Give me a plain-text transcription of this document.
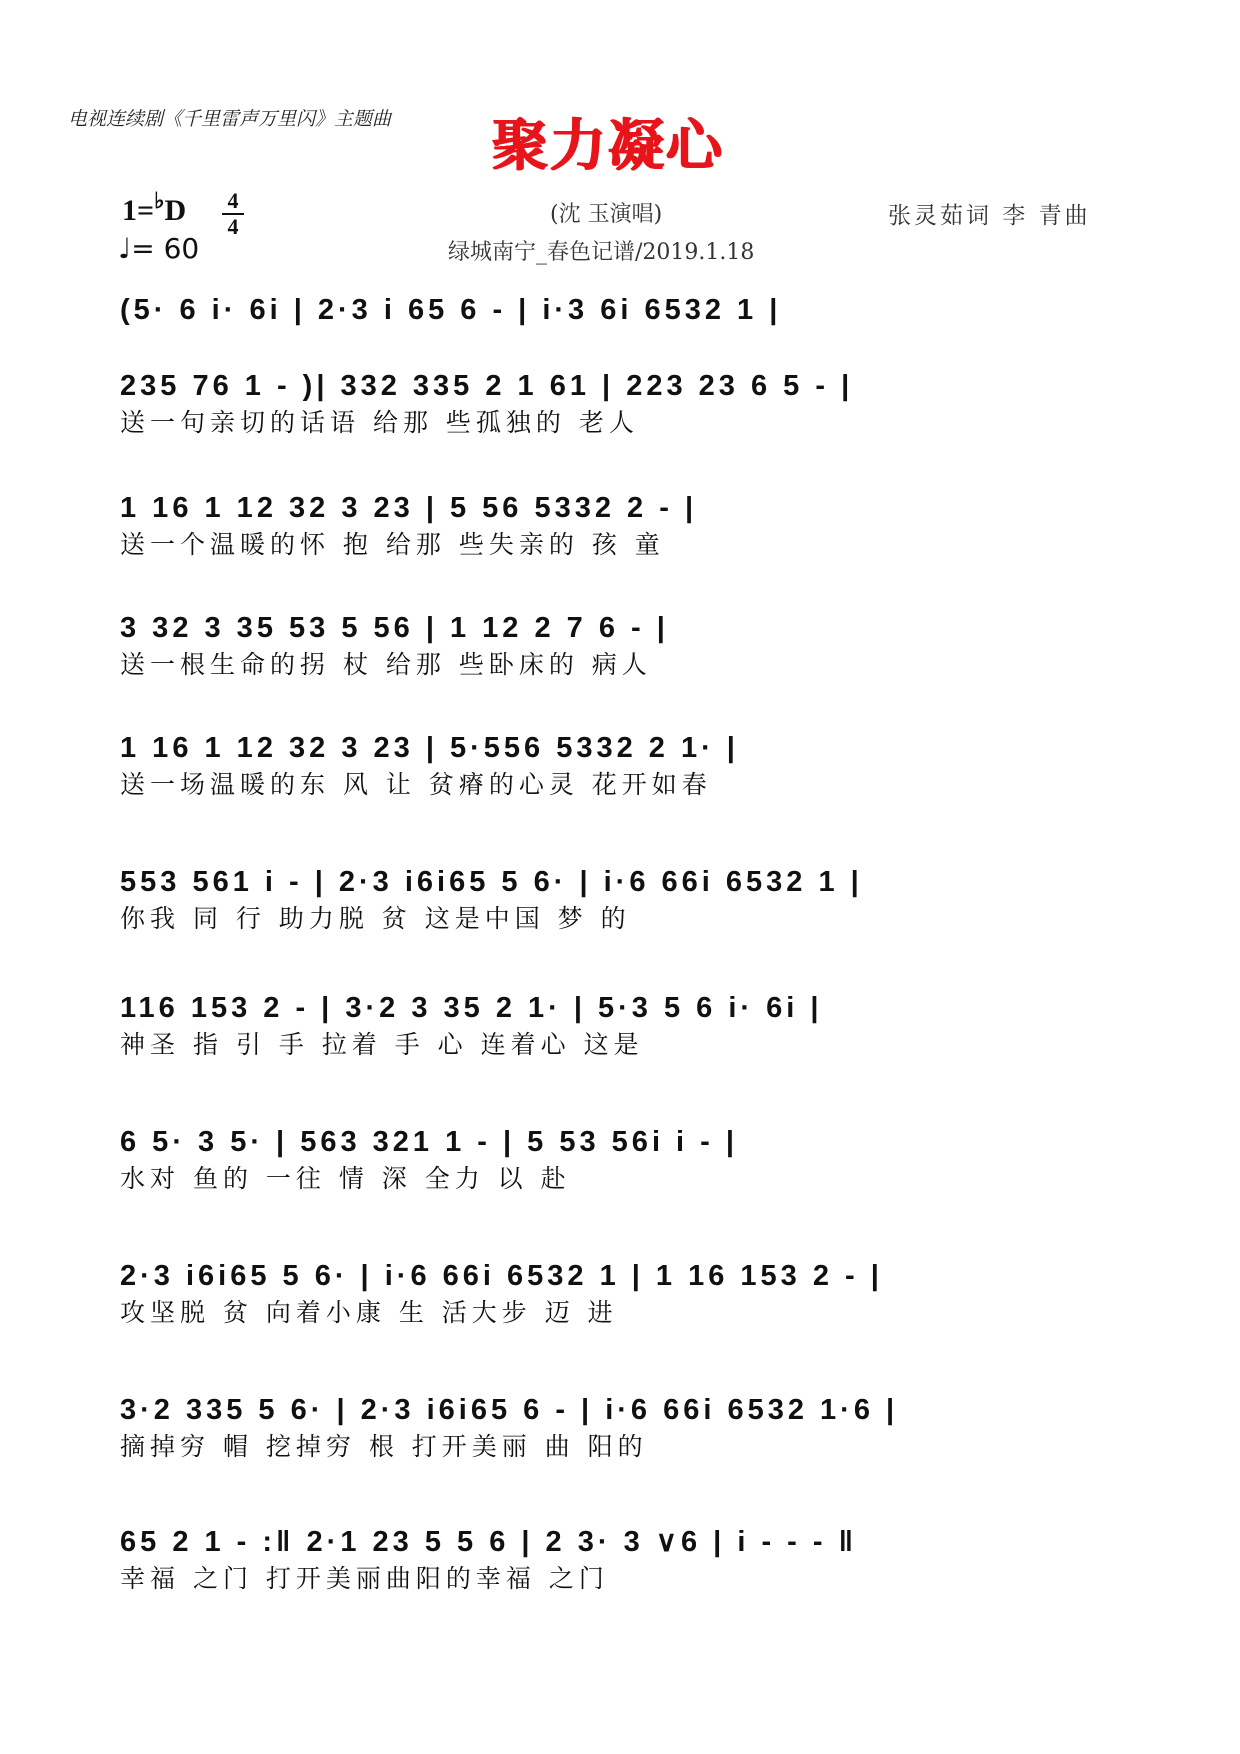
电视连续剧《千里雷声万里闪》主题曲 聚力凝心
1=♭D 4
4
♩= 60
(沈 玉演唱)	张灵茹词 李 青曲
绿城南宁_春色记谱/2019.1.18
(5· 6 i· 6i | 2·3 i 65 6 - | i·3 6i 6532 1 |
235 76 1 - )| 332 335 2 1 61 | 223 23 6 5 - |
送一句亲切的话语 给那 些孤独的 老人
1 16 1 12 32 3 23 | 5 56 5332 2 - |
送一个温暖的怀 抱 给那 些失亲的 孩 童
3 32 3 35 53 5 56 | 1 12 2 7 6 - |
送一根生命的拐 杖 给那 些卧床的 病人
1 16 1 12 32 3 23 | 5·556 5332 2 1· |
送一场温暖的东 风 让 贫瘠的心灵 花开如春
553 561 i - | 2·3 i6i65 5 6· | i·6 66i 6532 1 |
你我 同 行 助力脱 贫 这是中国 梦 的
116 153 2 - | 3·2 3 35 2 1· | 5·3 5 6 i· 6i |
神圣 指 引 手 拉着 手 心 连着心 这是
6 5· 3 5· | 563 321 1 - | 5 53 56i i - |
水对 鱼的 一往 情 深 全力 以 赴
2·3 i6i65 5 6· | i·6 66i 6532 1 | 1 16 153 2 - |
攻坚脱 贫 向着小康 生 活大步 迈 进
3·2 335 5 6· | 2·3 i6i65 6 - | i·6 66i 6532 1·6 |
摘掉穷 帽 挖掉穷 根 打开美丽 曲 阳的
65 2 1 - :‖ 2·1 23 5 5 6 | 2 3· 3 ∨6 | i - - - ‖
幸福 之门 打开美丽曲阳的幸福 之门
